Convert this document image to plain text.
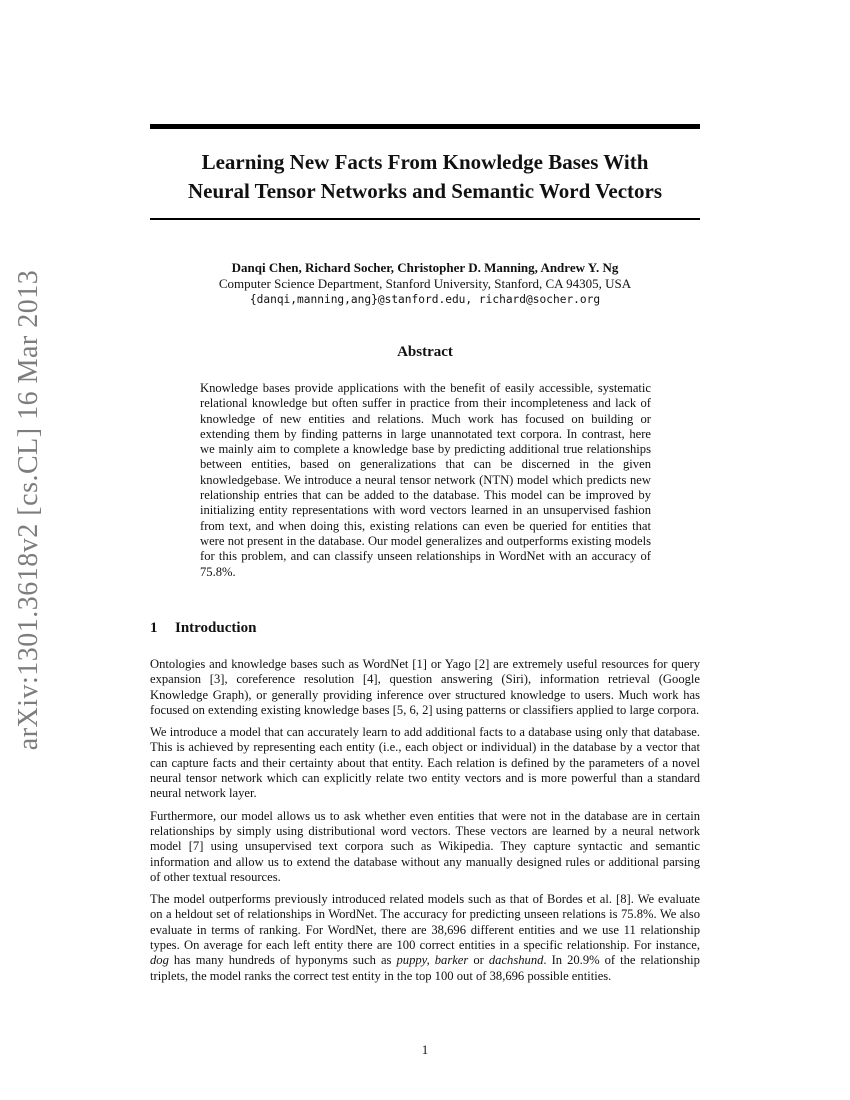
arXiv:1301.3618v2 [cs.CL] 16 Mar 2013
Learning New Facts From Knowledge Bases With
Neural Tensor Networks and Semantic Word Vectors
Danqi Chen, Richard Socher, Christopher D. Manning, Andrew Y. Ng
Computer Science Department, Stanford University, Stanford, CA 94305, USA
{danqi,manning,ang}@stanford.edu, richard@socher.org
Abstract

Knowledge bases provide applications with the benefit of easily accessible, systematic relational knowledge but often suffer in practice from their incompleteness and lack of knowledge of new entities and relations. Much work has focused on building or extending them by finding patterns in large unannotated text corpora. In contrast, here we mainly aim to complete a knowledge base by predicting additional true relationships between entities, based on generalizations that can be discerned in the given knowledgebase. We introduce a neural tensor network (NTN) model which predicts new relationship entries that can be added to the database. This model can be improved by initializing entity representations with word vectors learned in an unsupervised fashion from text, and when doing this, existing relations can even be queried for entities that were not present in the database. Our model generalizes and outperforms existing models for this problem, and can classify unseen relationships in WordNet with an accuracy of 75.8%.

1 Introduction

Ontologies and knowledge bases such as WordNet [1] or Yago [2] are extremely useful resources for query expansion [3], coreference resolution [4], question answering (Siri), information retrieval (Google Knowledge Graph), or generally providing inference over structured knowledge to users. Much work has focused on extending existing knowledge bases [5, 6, 2] using patterns or classifiers applied to large corpora.

We introduce a model that can accurately learn to add additional facts to a database using only that database. This is achieved by representing each entity (i.e., each object or individual) in the database by a vector that can capture facts and their certainty about that entity. Each relation is defined by the parameters of a novel neural tensor network which can explicitly relate two entity vectors and is more powerful than a standard neural network layer.

Furthermore, our model allows us to ask whether even entities that were not in the database are in certain relationships by simply using distributional word vectors. These vectors are learned by a neural network model [7] using unsupervised text corpora such as Wikipedia. They capture syntactic and semantic information and allow us to extend the database without any manually designed rules or additional parsing of other textual resources.

The model outperforms previously introduced related models such as that of Bordes et al. [8]. We evaluate on a heldout set of relationships in WordNet. The accuracy for predicting unseen relations is 75.8%. We also evaluate in terms of ranking. For WordNet, there are 38,696 different entities and we use 11 relationship types. On average for each left entity there are 100 correct entities in a specific relationship. For instance, dog has many hundreds of hyponyms such as puppy, barker or dachshund. In 20.9% of the relationship triplets, the model ranks the correct test entity in the top 100 out of 38,696 possible entities.

1
